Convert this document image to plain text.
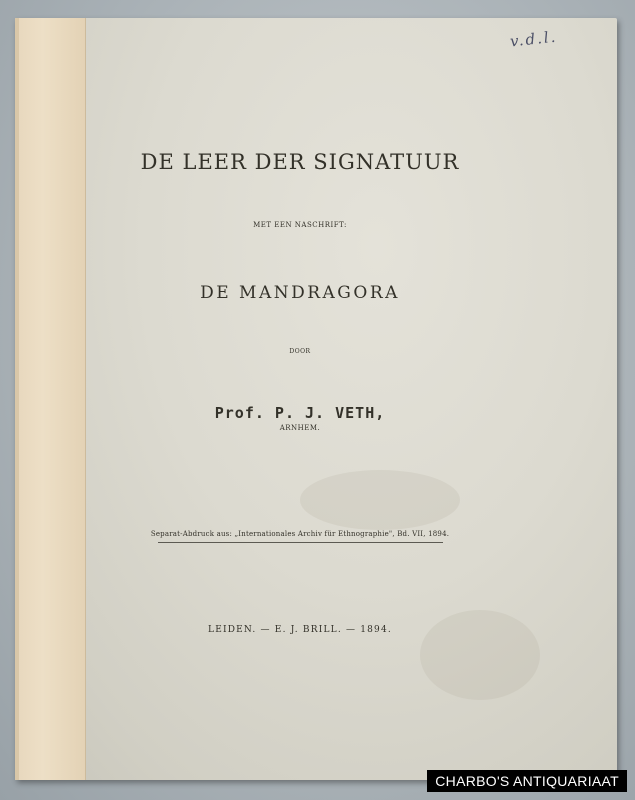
v.d.l.
DE LEER DER SIGNATUUR
MET EEN NASCHRIFT:
DE MANDRAGORA
DOOR
Prof. P. J. VETH,
ARNHEM.
Separat-Abdruck aus: „Internationales Archiv für Ethnographie", Bd. VII, 1894.
LEIDEN. — E. J. BRILL. — 1894.
CHARBO'S ANTIQUARIAAT
